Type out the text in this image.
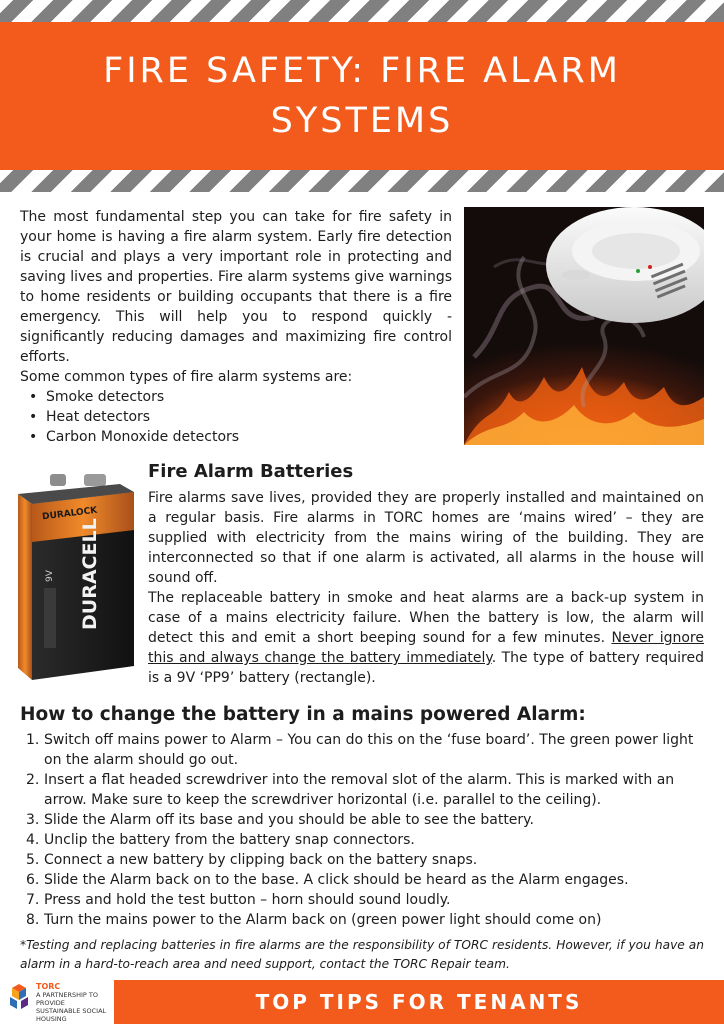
FIRE SAFETY: FIRE ALARM SYSTEMS

The most fundamental step you can take for fire safety in your home is having a fire alarm system. Early fire detection is crucial and plays a very important role in protecting and saving lives and properties. Fire alarm systems give warnings to home residents or building occupants that there is a fire emergency. This will help you to respond quickly - significantly reducing damages and maximizing fire control efforts.

Some common types of fire alarm systems are:

• Smoke detectors
• Heat detectors
• Carbon Monoxide detectors
DURALOCK
DURACELL
9V
Fire Alarm Batteries

Fire alarms save lives, provided they are properly installed and maintained on a regular basis. Fire alarms in TORC homes are ‘mains wired’ – they are supplied with electricity from the mains wiring of the building. They are interconnected so that if one alarm is activated, all alarms in the house will sound off.

The replaceable battery in smoke and heat alarms are a back-up system in case of a mains electricity failure. When the battery is low, the alarm will detect this and emit a short beeping sound for a few minutes. Never ignore this and always change the battery immediately. The type of battery required is a 9V ‘PP9’ battery (rectangle).

How to change the battery in a mains powered Alarm:
1. Switch off mains power to Alarm – You can do this on the ‘fuse board’. The green power light on the alarm should go out.
2. Insert a flat headed screwdriver into the removal slot of the alarm. This is marked with an arrow. Make sure to keep the screwdriver horizontal (i.e. parallel to the ceiling).
3. Slide the Alarm off its base and you should be able to see the battery.
4. Unclip the battery from the battery snap connectors.
5. Connect a new battery by clipping back on the battery snaps.
6. Slide the Alarm back on to the base. A click should be heard as the Alarm engages.
7. Press and hold the test button – horn should sound loudly.
8. Turn the mains power to the Alarm back on (green power light should come on)

*Testing and replacing batteries in fire alarms are the responsibility of TORC residents. However, if you have an alarm in a hard-to-reach area and need support, contact the TORC Repair team.

TORC
A PARTNERSHIP TO PROVIDE
SUSTAINABLE SOCIAL HOUSING
TOP TIPS FOR TENANTS
